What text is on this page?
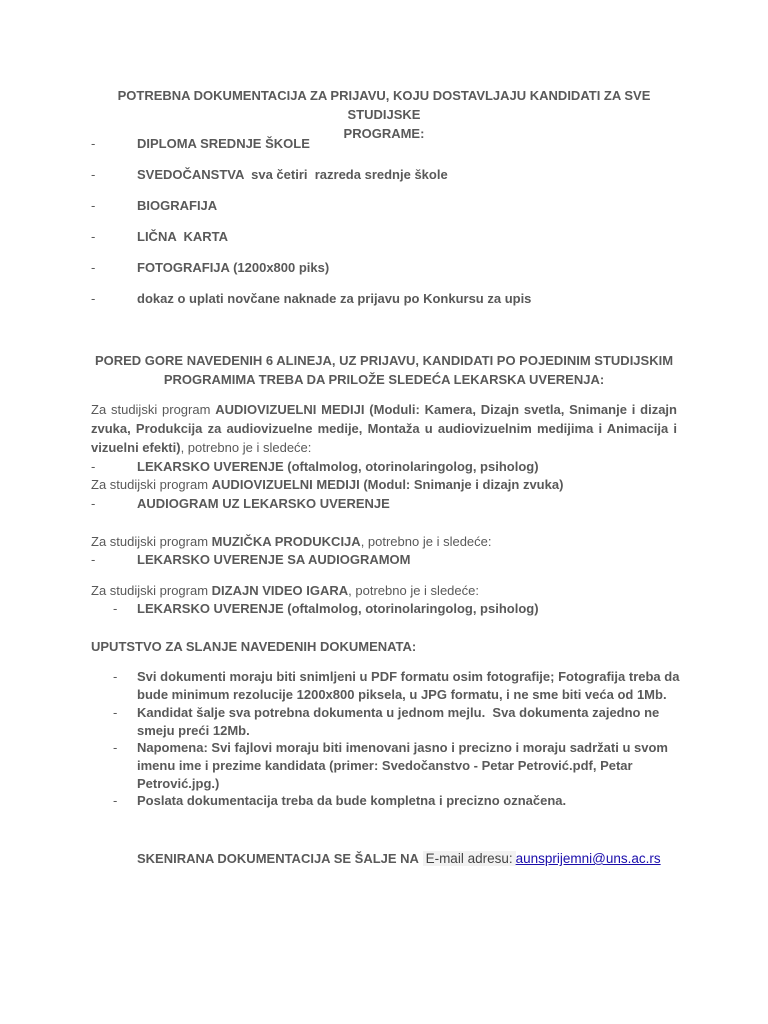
POTREBNA DOKUMENTACIJA ZA PRIJAVU, KOJU DOSTAVLJAJU KANDIDATI ZA SVE STUDIJSKE
PROGRAME:
-	DIPLOMA SREDNJE ŠKOLE
-	SVEDOČANSTVA  sva četiri  razreda srednje škole
-	BIOGRAFIJA
-	LIČNA  KARTA
-	FOTOGRAFIJA (1200x800 piks)
-	dokaz o uplati novčane naknade za prijavu po Konkursu za upis
PORED GORE NAVEDENIH 6 ALINEJA, UZ PRIJAVU, KANDIDATI PO POJEDINIM STUDIJSKIM
PROGRAMIMA TREBA DA PRILOŽE SLEDEĆA LEKARSKA UVERENJA:
Za studijski program AUDIOVIZUELNI MEDIJI (Moduli: Kamera, Dizajn svetla, Snimanje i dizajn zvuka, Produkcija za audiovizuelne medije, Montaža u audiovizuelnim medijima i Animacija i vizuelni efekti), potrebno je i sledeće:
-	LEKARSKO UVERENJE (oftalmolog, otorinolaringolog, psiholog)
Za studijski program AUDIOVIZUELNI MEDIJI (Modul: Snimanje i dizajn zvuka)
-	AUDIOGRAM UZ LEKARSKO UVERENJE
Za studijski program MUZIČKA PRODUKCIJA, potrebno je i sledeće:
-	LEKARSKO UVERENJE SA AUDIOGRAMOM
Za studijski program DIZAJN VIDEO IGARA, potrebno je i sledeće:
- LEKARSKO UVERENJE (oftalmolog, otorinolaringolog, psiholog)
UPUTSTVO ZA SLANJE NAVEDENIH DOKUMENATA:
- Svi dokumenti moraju biti snimljeni u PDF formatu osim fotografije; Fotografija treba da bude minimum rezolucije 1200x800 piksela, u JPG formatu, i ne sme biti veća od 1Mb.
- Kandidat šalje sva potrebna dokumenta u jednom mejlu.  Sva dokumenta zajedno ne smeju preći 12Mb.
- Napomena: Svi fajlovi moraju biti imenovani jasno i precizno i moraju sadržati u svom imenu ime i prezime kandidata (primer: Svedočanstvo - Petar Petrović.pdf, Petar Petrović.jpg.)
- Poslata dokumentacija treba da bude kompletna i precizno označena.
SKENIRANA DOKUMENTACIJA SE ŠALJE NA E-mail adresu: aunsprijemni@uns.ac.rs
